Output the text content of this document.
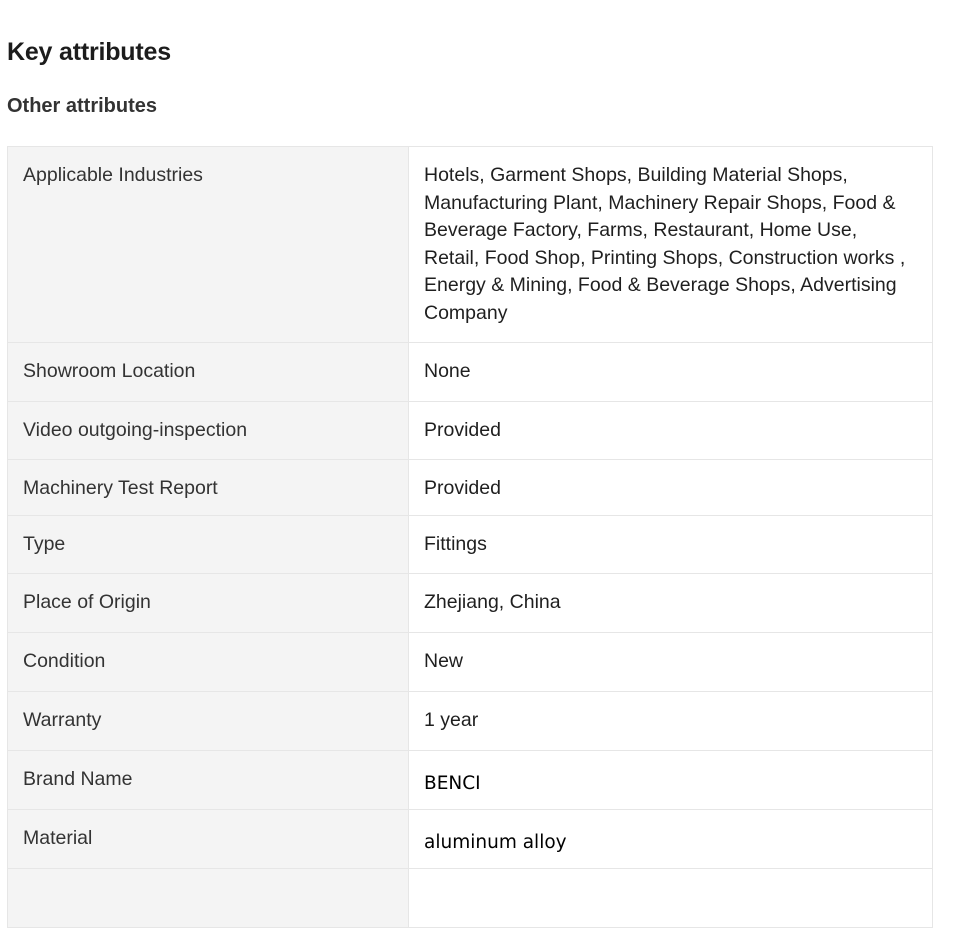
Key attributes
Other attributes
Applicable Industries	Hotels, Garment Shops, Building Material Shops, Manufacturing Plant, Machinery Repair Shops, Food & Beverage Factory, Farms, Restaurant, Home Use, Retail, Food Shop, Printing Shops, Construction works , Energy & Mining, Food & Beverage Shops, Advertising Company
Showroom Location	None
Video outgoing-inspection	Provided
Machinery Test Report	Provided
Type	Fittings
Place of Origin	Zhejiang, China
Condition	New
Warranty	1 year
Brand Name	BENCI
Material	aluminum alloy
